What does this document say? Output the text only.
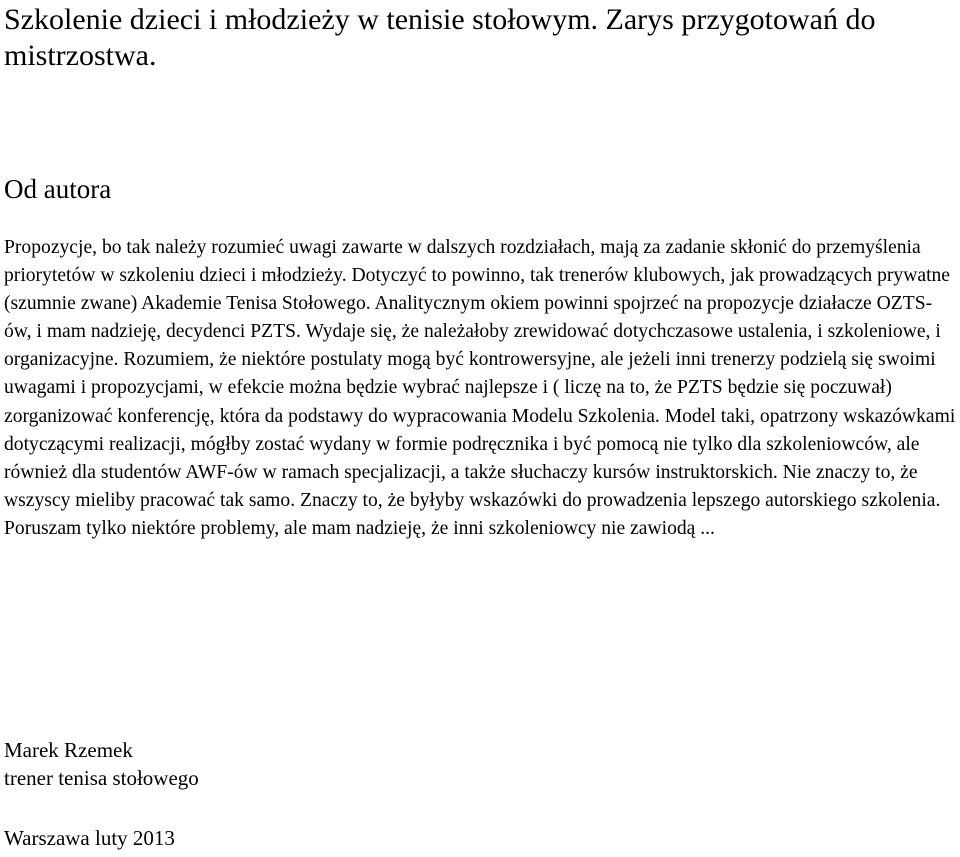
Szkolenie dzieci i młodzieży w tenisie stołowym. Zarys przygotowań do mistrzostwa.
Od autora

Propozycje, bo tak należy rozumieć uwagi zawarte w dalszych rozdziałach, mają za zadanie skłonić do przemyślenia priorytetów w szkoleniu dzieci i młodzieży. Dotyczyć to powinno, tak trenerów klubowych, jak prowadzących prywatne (szumnie zwane) Akademie Tenisa Stołowego. Analitycznym okiem powinni spojrzeć na propozycje działacze OZTS-ów, i mam nadzieję, decydenci PZTS. Wydaje się, że należałoby zrewidować dotychczasowe ustalenia, i szkoleniowe, i organizacyjne. Rozumiem, że niektóre postulaty mogą być kontrowersyjne, ale jeżeli inni trenerzy podzielą się swoimi uwagami i propozycjami, w efekcie można będzie wybrać najlepsze i ( liczę na to, że PZTS będzie się poczuwał) zorganizować konferencję, która da podstawy do wypracowania Modelu Szkolenia. Model taki, opatrzony wskazówkami dotyczącymi realizacji, mógłby zostać wydany w formie podręcznika i być pomocą nie tylko dla szkoleniowców, ale również dla studentów AWF-ów w ramach specjalizacji, a także słuchaczy kursów instruktorskich. Nie znaczy to, że wszyscy mieliby pracować tak samo. Znaczy to, że byłyby wskazówki do prowadzenia lepszego autorskiego szkolenia. Poruszam tylko niektóre problemy, ale mam nadzieję, że inni szkoleniowcy nie zawiodą ...

Marek Rzemek
trener tenisa stołowego
Warszawa luty 2013
